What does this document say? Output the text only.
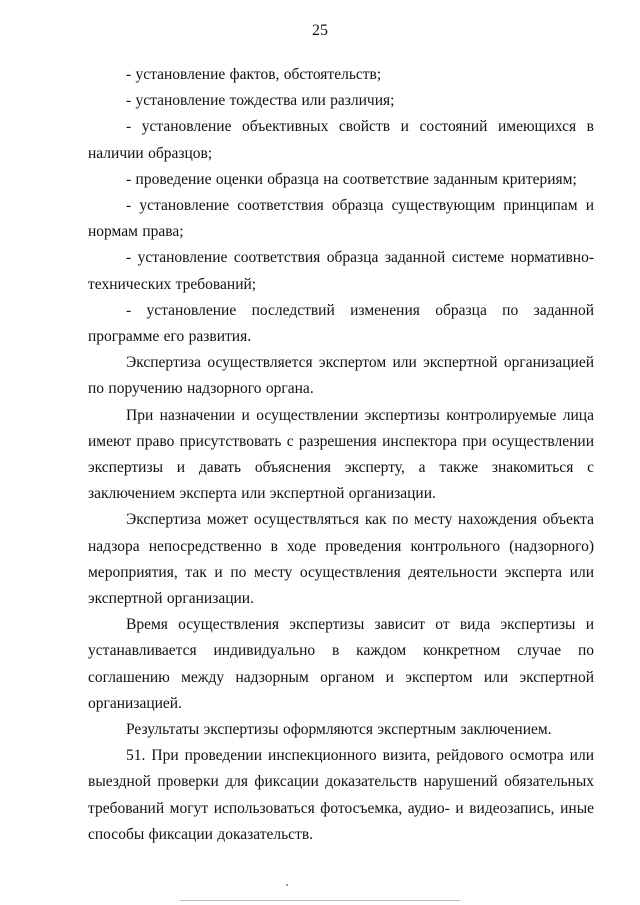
25

- установление фактов, обстоятельств;

- установление тождества или различия;

- установление объективных свойств и состояний имеющихся в наличии образцов;

- проведение оценки образца на соответствие заданным критериям;

- установление соответствия образца существующим принципам и нормам права;

- установление соответствия образца заданной системе нормативно-технических требований;

- установление последствий изменения образца по заданной программе его развития.

Экспертиза осуществляется экспертом или экспертной организацией по поручению надзорного органа.

При назначении и осуществлении экспертизы контролируемые лица имеют право присутствовать с разрешения инспектора при осуществлении экспертизы и давать объяснения эксперту, а также знакомиться с заключением эксперта или экспертной организации.

Экспертиза может осуществляться как по месту нахождения объекта надзора непосредственно в ходе проведения контрольного (надзорного) мероприятия, так и по месту осуществления деятельности эксперта или экспертной организации.

Время осуществления экспертизы зависит от вида экспертизы и устанавливается индивидуально в каждом конкретном случае по соглашению между надзорным органом и экспертом или экспертной организацией.

Результаты экспертизы оформляются экспертным заключением.

51. При проведении инспекционного визита, рейдового осмотра или выездной проверки для фиксации доказательств нарушений обязательных требований могут использоваться фотосъемка, аудио- и видеозапись, иные способы фиксации доказательств.
